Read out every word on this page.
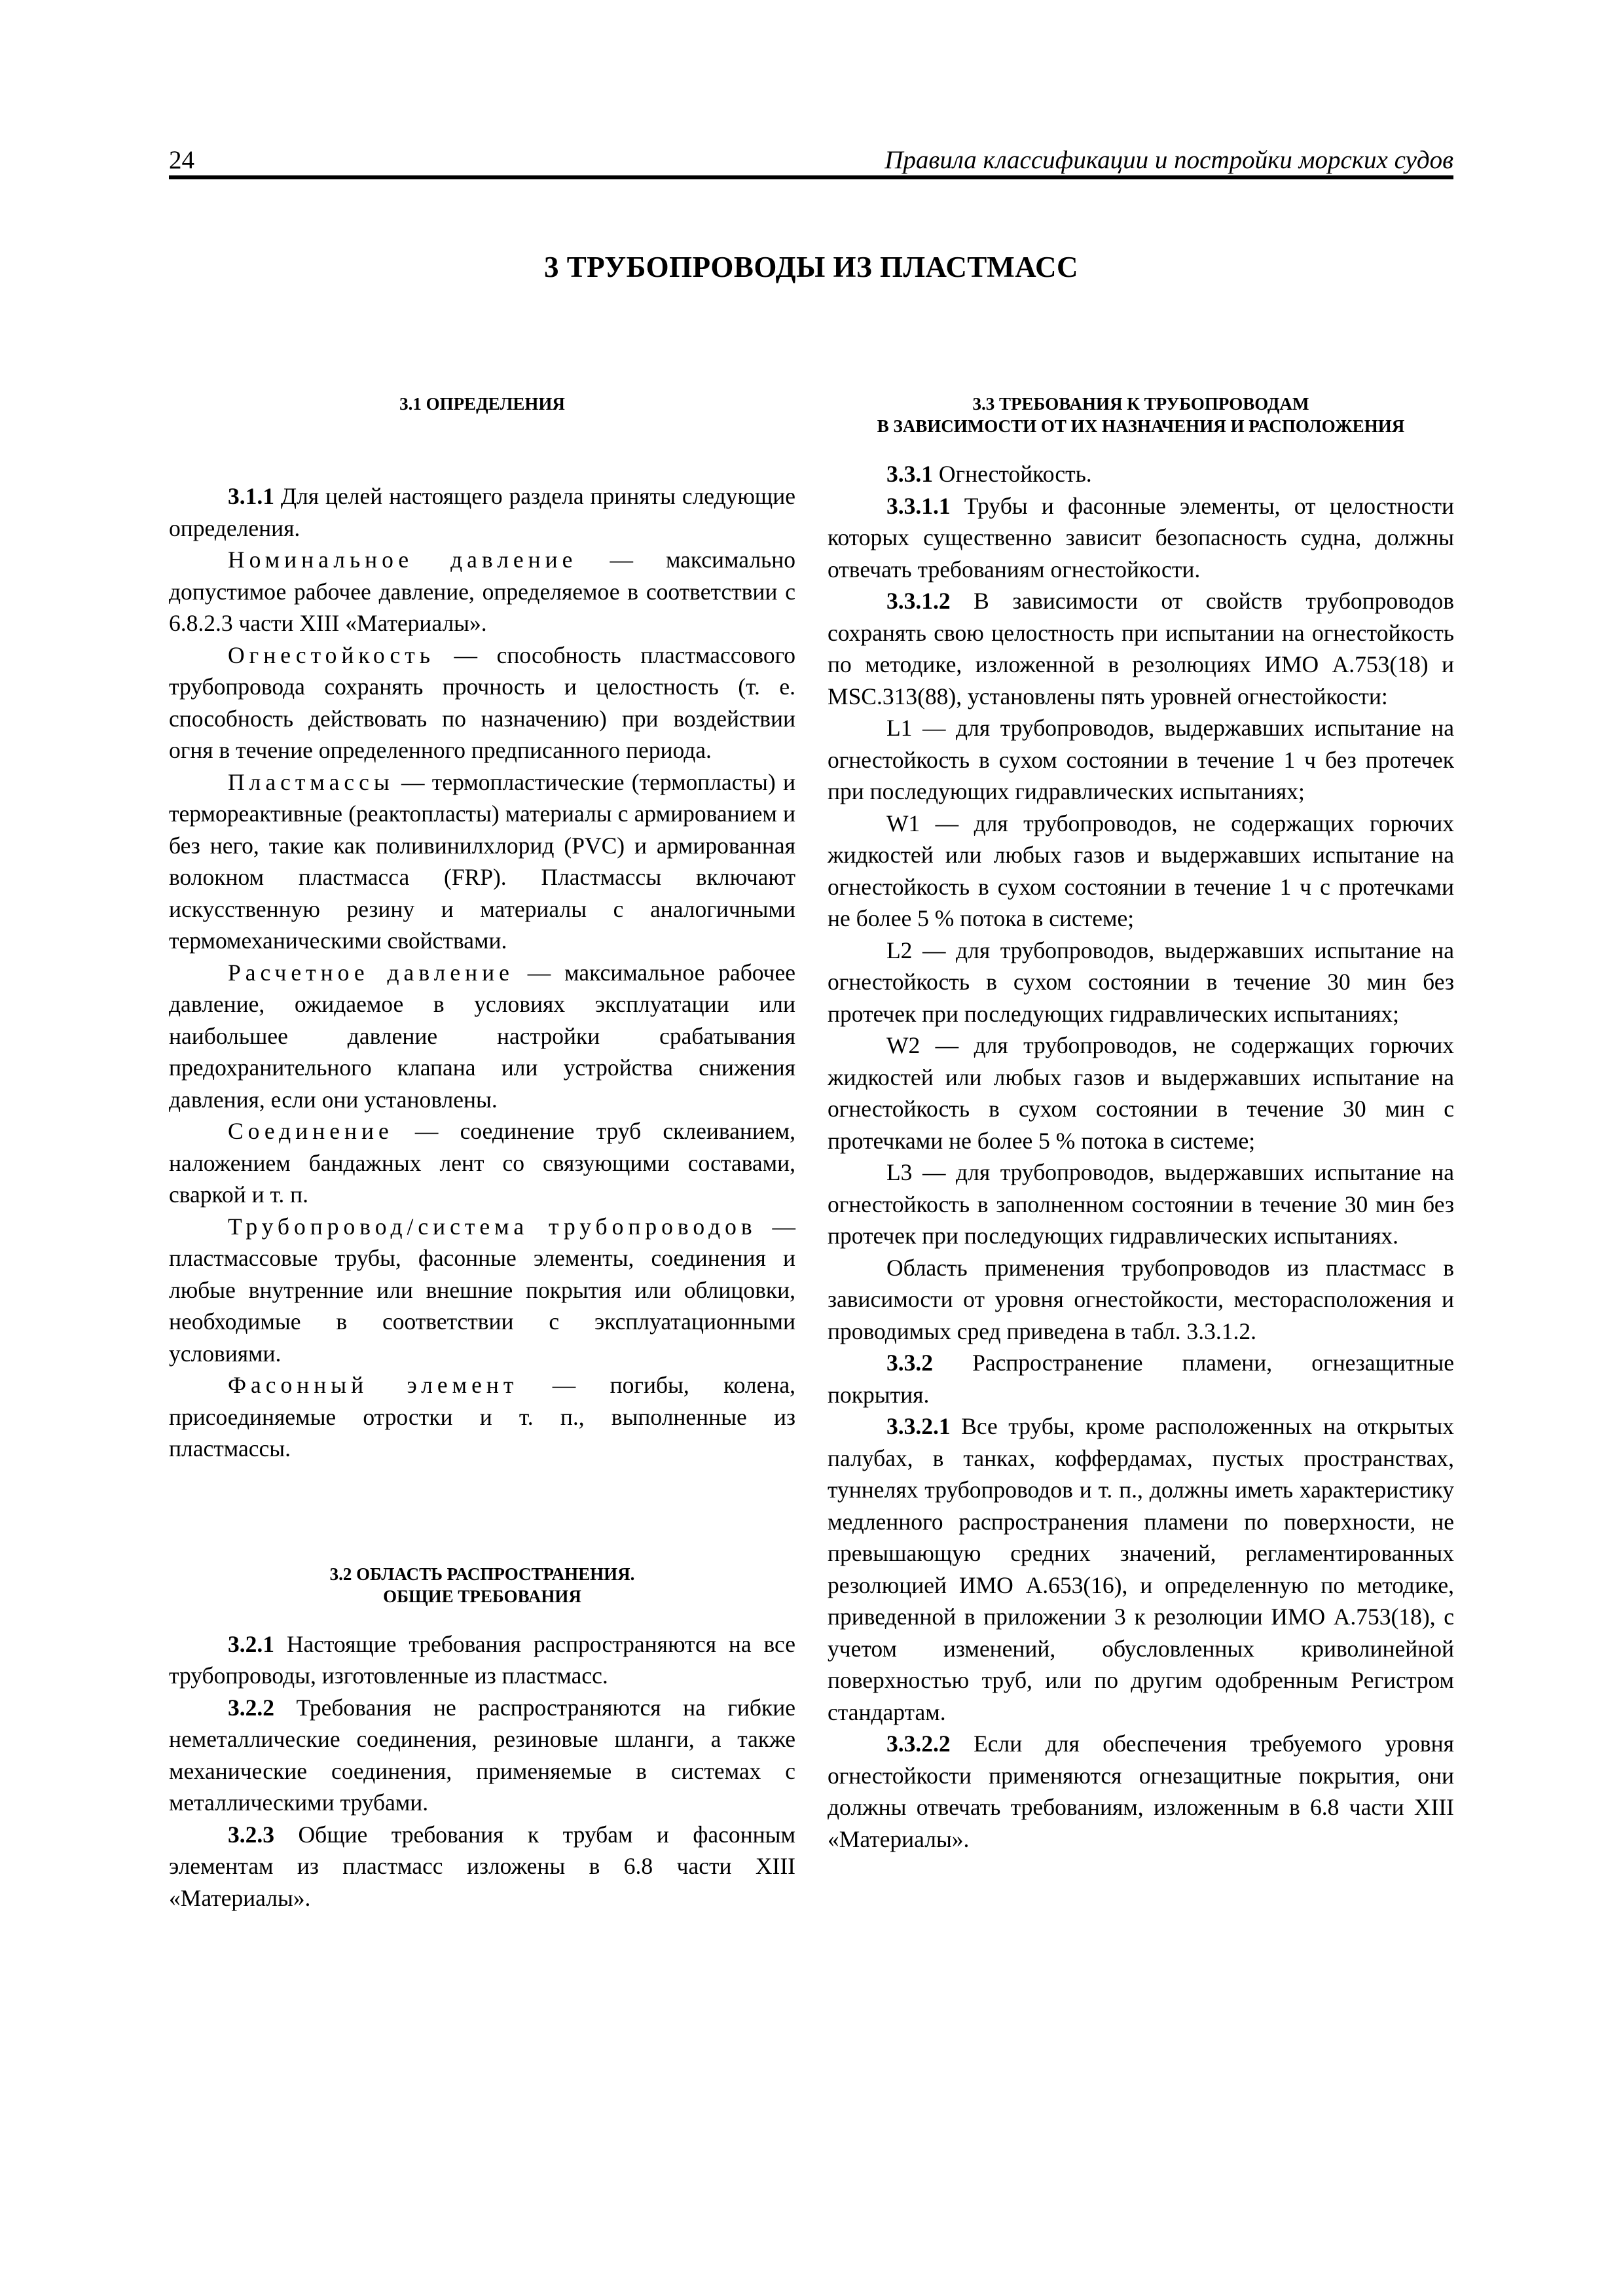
24	Правила классификации и постройки морских судов
3 ТРУБОПРОВОДЫ ИЗ ПЛАСТМАСС
3.1 ОПРЕДЕЛЕНИЯ

3.1.1 Для целей настоящего раздела приняты следующие определения.

Номинальное давление — максимально допустимое рабочее давление, определяемое в соответствии с 6.8.2.3 части XIII «Материалы».

Огнестойкость — способность пластмассового трубопровода сохранять прочность и целостность (т. е. способность действовать по назначению) при воздействии огня в течение определенного предписанного периода.

Пластмассы — термопластические (термопласты) и термореактивные (реактопласты) материалы с армированием и без него, такие как поливинилхлорид (PVC) и армированная волокном пластмасса (FRP). Пластмассы включают искусственную резину и материалы с аналогичными термомеханическими свойствами.

Расчетное давление — максимальное рабочее давление, ожидаемое в условиях эксплуатации или наибольшее давление настройки срабатывания предохранительного клапана или устройства снижения давления, если они установлены.

Соединение — соединение труб склеиванием, наложением бандажных лент со связующими составами, сваркой и т. п.

Трубопровод/система трубопроводов — пластмассовые трубы, фасонные элементы, соединения и любые внутренние или внешние покрытия или облицовки, необходимые в соответствии с эксплуатационными условиями.

Фасонный элемент — погибы, колена, присоединяемые отростки и т. п., выполненные из пластмассы.

3.2 ОБЛАСТЬ РАСПРОСТРАНЕНИЯ.
ОБЩИЕ ТРЕБОВАНИЯ

3.2.1 Настоящие требования распространяются на все трубопроводы, изготовленные из пластмасс.

3.2.2 Требования не распространяются на гибкие неметаллические соединения, резиновые шланги, а также механические соединения, применяемые в системах с металлическими трубами.

3.2.3 Общие требования к трубам и фасонным элементам из пластмасс изложены в 6.8 части XIII «Материалы».

3.3 ТРЕБОВАНИЯ К ТРУБОПРОВОДАМ
В ЗАВИСИМОСТИ ОТ ИХ НАЗНАЧЕНИЯ И РАСПОЛОЖЕНИЯ

3.3.1 Огнестойкость.

3.3.1.1 Трубы и фасонные элементы, от целостности которых существенно зависит безопасность судна, должны отвечать требованиям огнестойкости.

3.3.1.2 В зависимости от свойств трубопроводов сохранять свою целостность при испытании на огнестойкость по методике, изложенной в резолюциях ИМО A.753(18) и MSC.313(88), установлены пять уровней огнестойкости:

L1 — для трубопроводов, выдержавших испытание на огнестойкость в сухом состоянии в течение 1 ч без протечек при последующих гидравлических испытаниях;

W1 — для трубопроводов, не содержащих горючих жидкостей или любых газов и выдержавших испытание на огнестойкость в сухом состоянии в течение 1 ч с протечками не более 5 % потока в системе;

L2 — для трубопроводов, выдержавших испытание на огнестойкость в сухом состоянии в течение 30 мин без протечек при последующих гидравлических испытаниях;

W2 — для трубопроводов, не содержащих горючих жидкостей или любых газов и выдержавших испытание на огнестойкость в сухом состоянии в течение 30 мин с протечками не более 5 % потока в системе;

L3 — для трубопроводов, выдержавших испытание на огнестойкость в заполненном состоянии в течение 30 мин без протечек при последующих гидравлических испытаниях.

Область применения трубопроводов из пластмасс в зависимости от уровня огнестойкости, месторасположения и проводимых сред приведена в табл. 3.3.1.2.

3.3.2 Распространение пламени, огнезащитные покрытия.

3.3.2.1 Все трубы, кроме расположенных на открытых палубах, в танках, коффердамах, пустых пространствах, туннелях трубопроводов и т. п., должны иметь характеристику медленного распространения пламени по поверхности, не превышающую средних значений, регламентированных резолюцией ИМО A.653(16), и определенную по методике, приведенной в приложении 3 к резолюции ИМО A.753(18), с учетом изменений, обусловленных криволинейной поверхностью труб, или по другим одобренным Регистром стандартам.

3.3.2.2 Если для обеспечения требуемого уровня огнестойкости применяются огнезащитные покрытия, они должны отвечать требованиям, изложенным в 6.8 части XIII «Материалы».
